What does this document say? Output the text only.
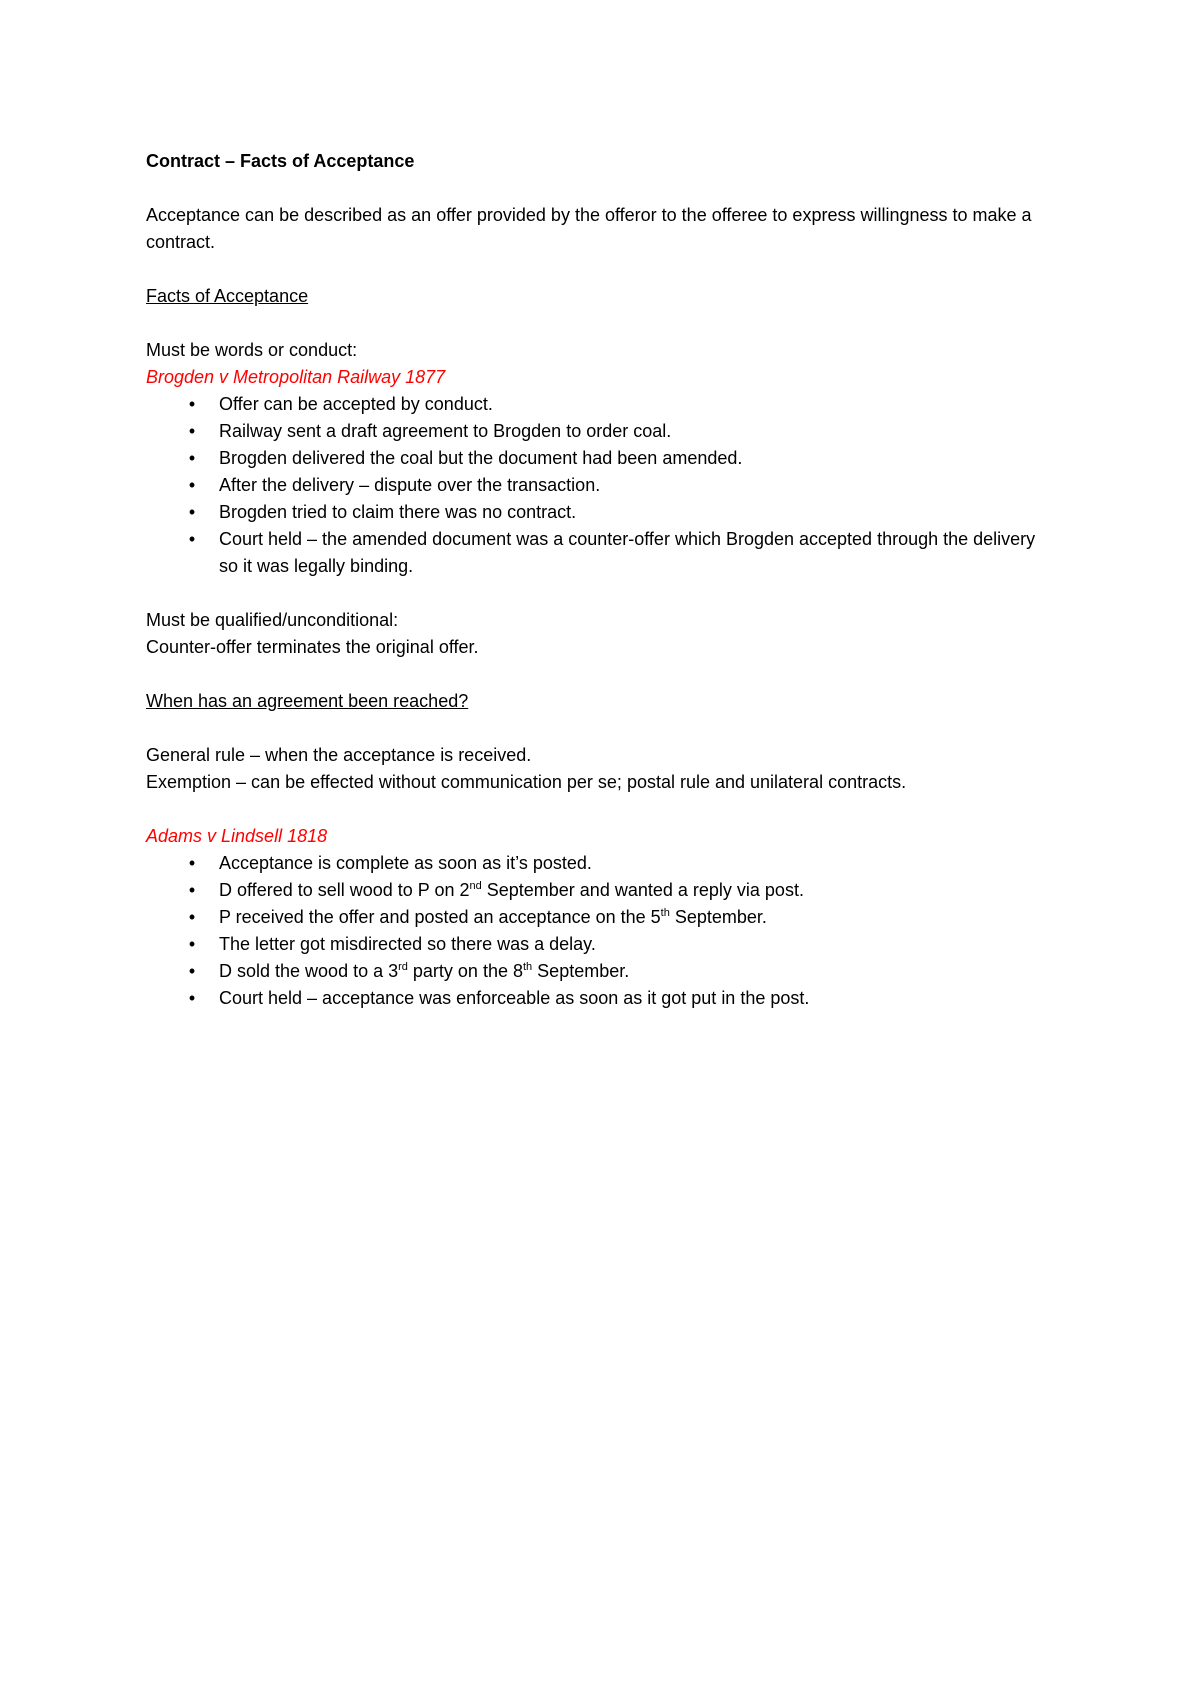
Contract – Facts of Acceptance

Acceptance can be described as an offer provided by the offeror to the offeree to express willingness to make a contract.

Facts of Acceptance

Must be words or conduct:

Brogden v Metropolitan Railway 1877

• Offer can be accepted by conduct.
• Railway sent a draft agreement to Brogden to order coal.
• Brogden delivered the coal but the document had been amended.
• After the delivery – dispute over the transaction.
• Brogden tried to claim there was no contract.
• Court held – the amended document was a counter-offer which Brogden accepted through the delivery so it was legally binding.

Must be qualified/unconditional:

Counter-offer terminates the original offer.

When has an agreement been reached?

General rule – when the acceptance is received.

Exemption – can be effected without communication per se; postal rule and unilateral contracts.

Adams v Lindsell 1818

• Acceptance is complete as soon as it’s posted.
• D offered to sell wood to P on 2nd September and wanted a reply via post.
• P received the offer and posted an acceptance on the 5th September.
• The letter got misdirected so there was a delay.
• D sold the wood to a 3rd party on the 8th September.
• Court held – acceptance was enforceable as soon as it got put in the post.
